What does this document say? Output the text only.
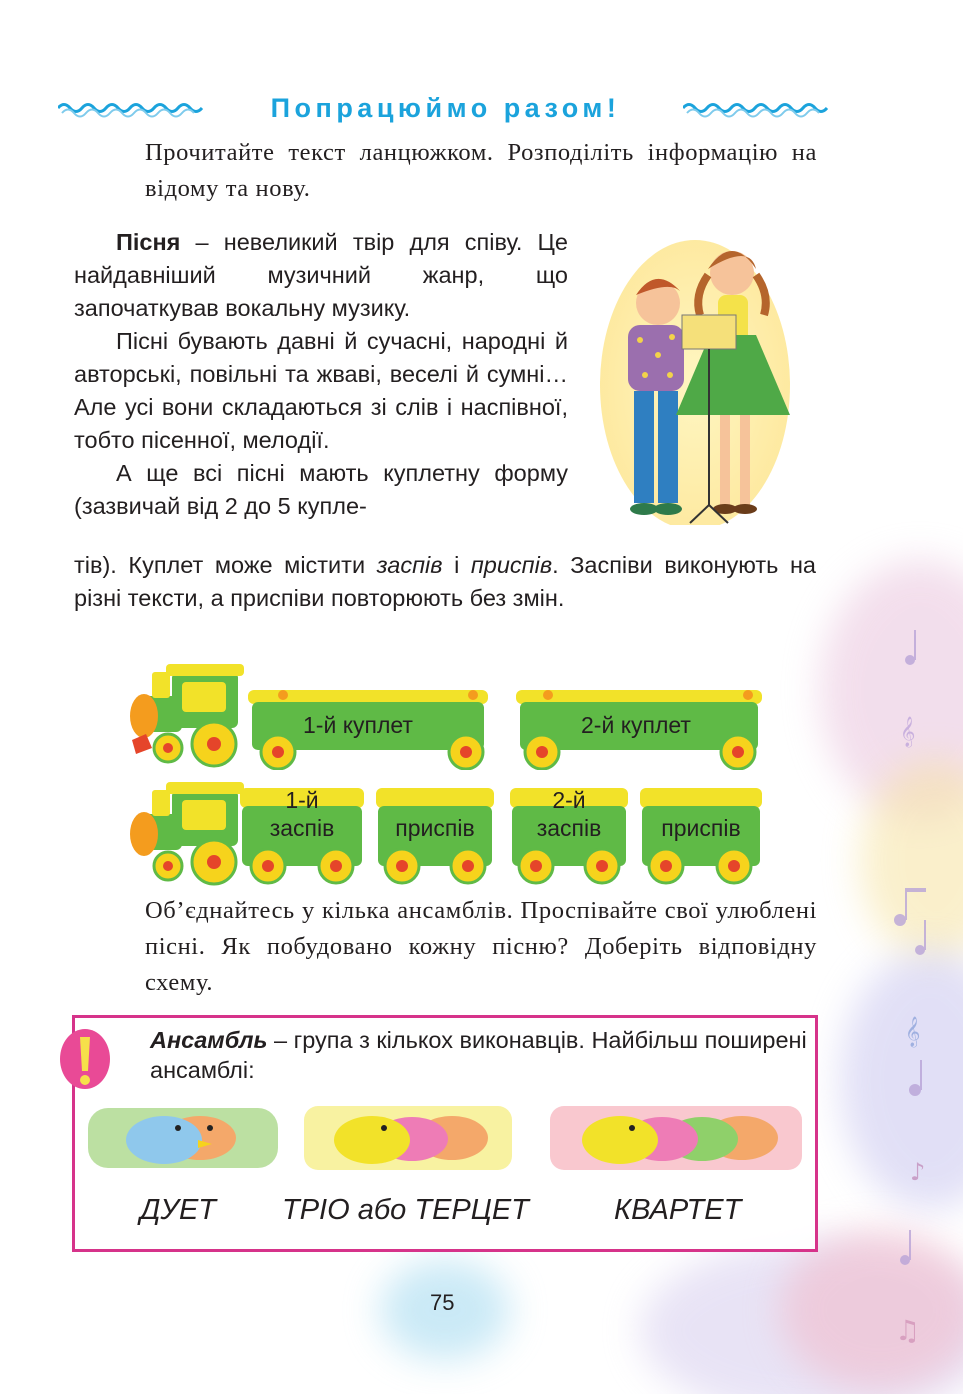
𝄞
𝄞
♪
♫
Попрацюймо разом!
Прочитайте текст ланцюжком. Розподіліть інформацію на відому та нову.

Пісня – невеликий твір для співу. Це найдавніший музичний жанр, що започаткував вокальну музику.

Пісні бувають давні й сучасні, народні й авторські, повільні та жваві, веселі й сумні… Але усі вони складаються зі слів і наспівної, тобто пісенної, мелодії.

А ще всі пісні мають куплетну форму (зазвичай від 2 до 5 купле-

тів). Куплет може містити заспів і приспів. Заспіви виконують на різні тексти, а приспіви повторюють без змін.

1-й куплет	2-й куплет
1-й
заспів	приспів
2-й
заспів	приспів
Об’єднайтесь у кілька ансамблів. Проспівайте свої улюблені пісні. Як побудовано кожну пісню? Доберіть відповідну схему.
Ансамбль – група з кількох виконавців. Найбільш поширені ансамблі:
ДУЕТ ТРІО або ТЕРЦЕТ	КВАРТЕТ
75
